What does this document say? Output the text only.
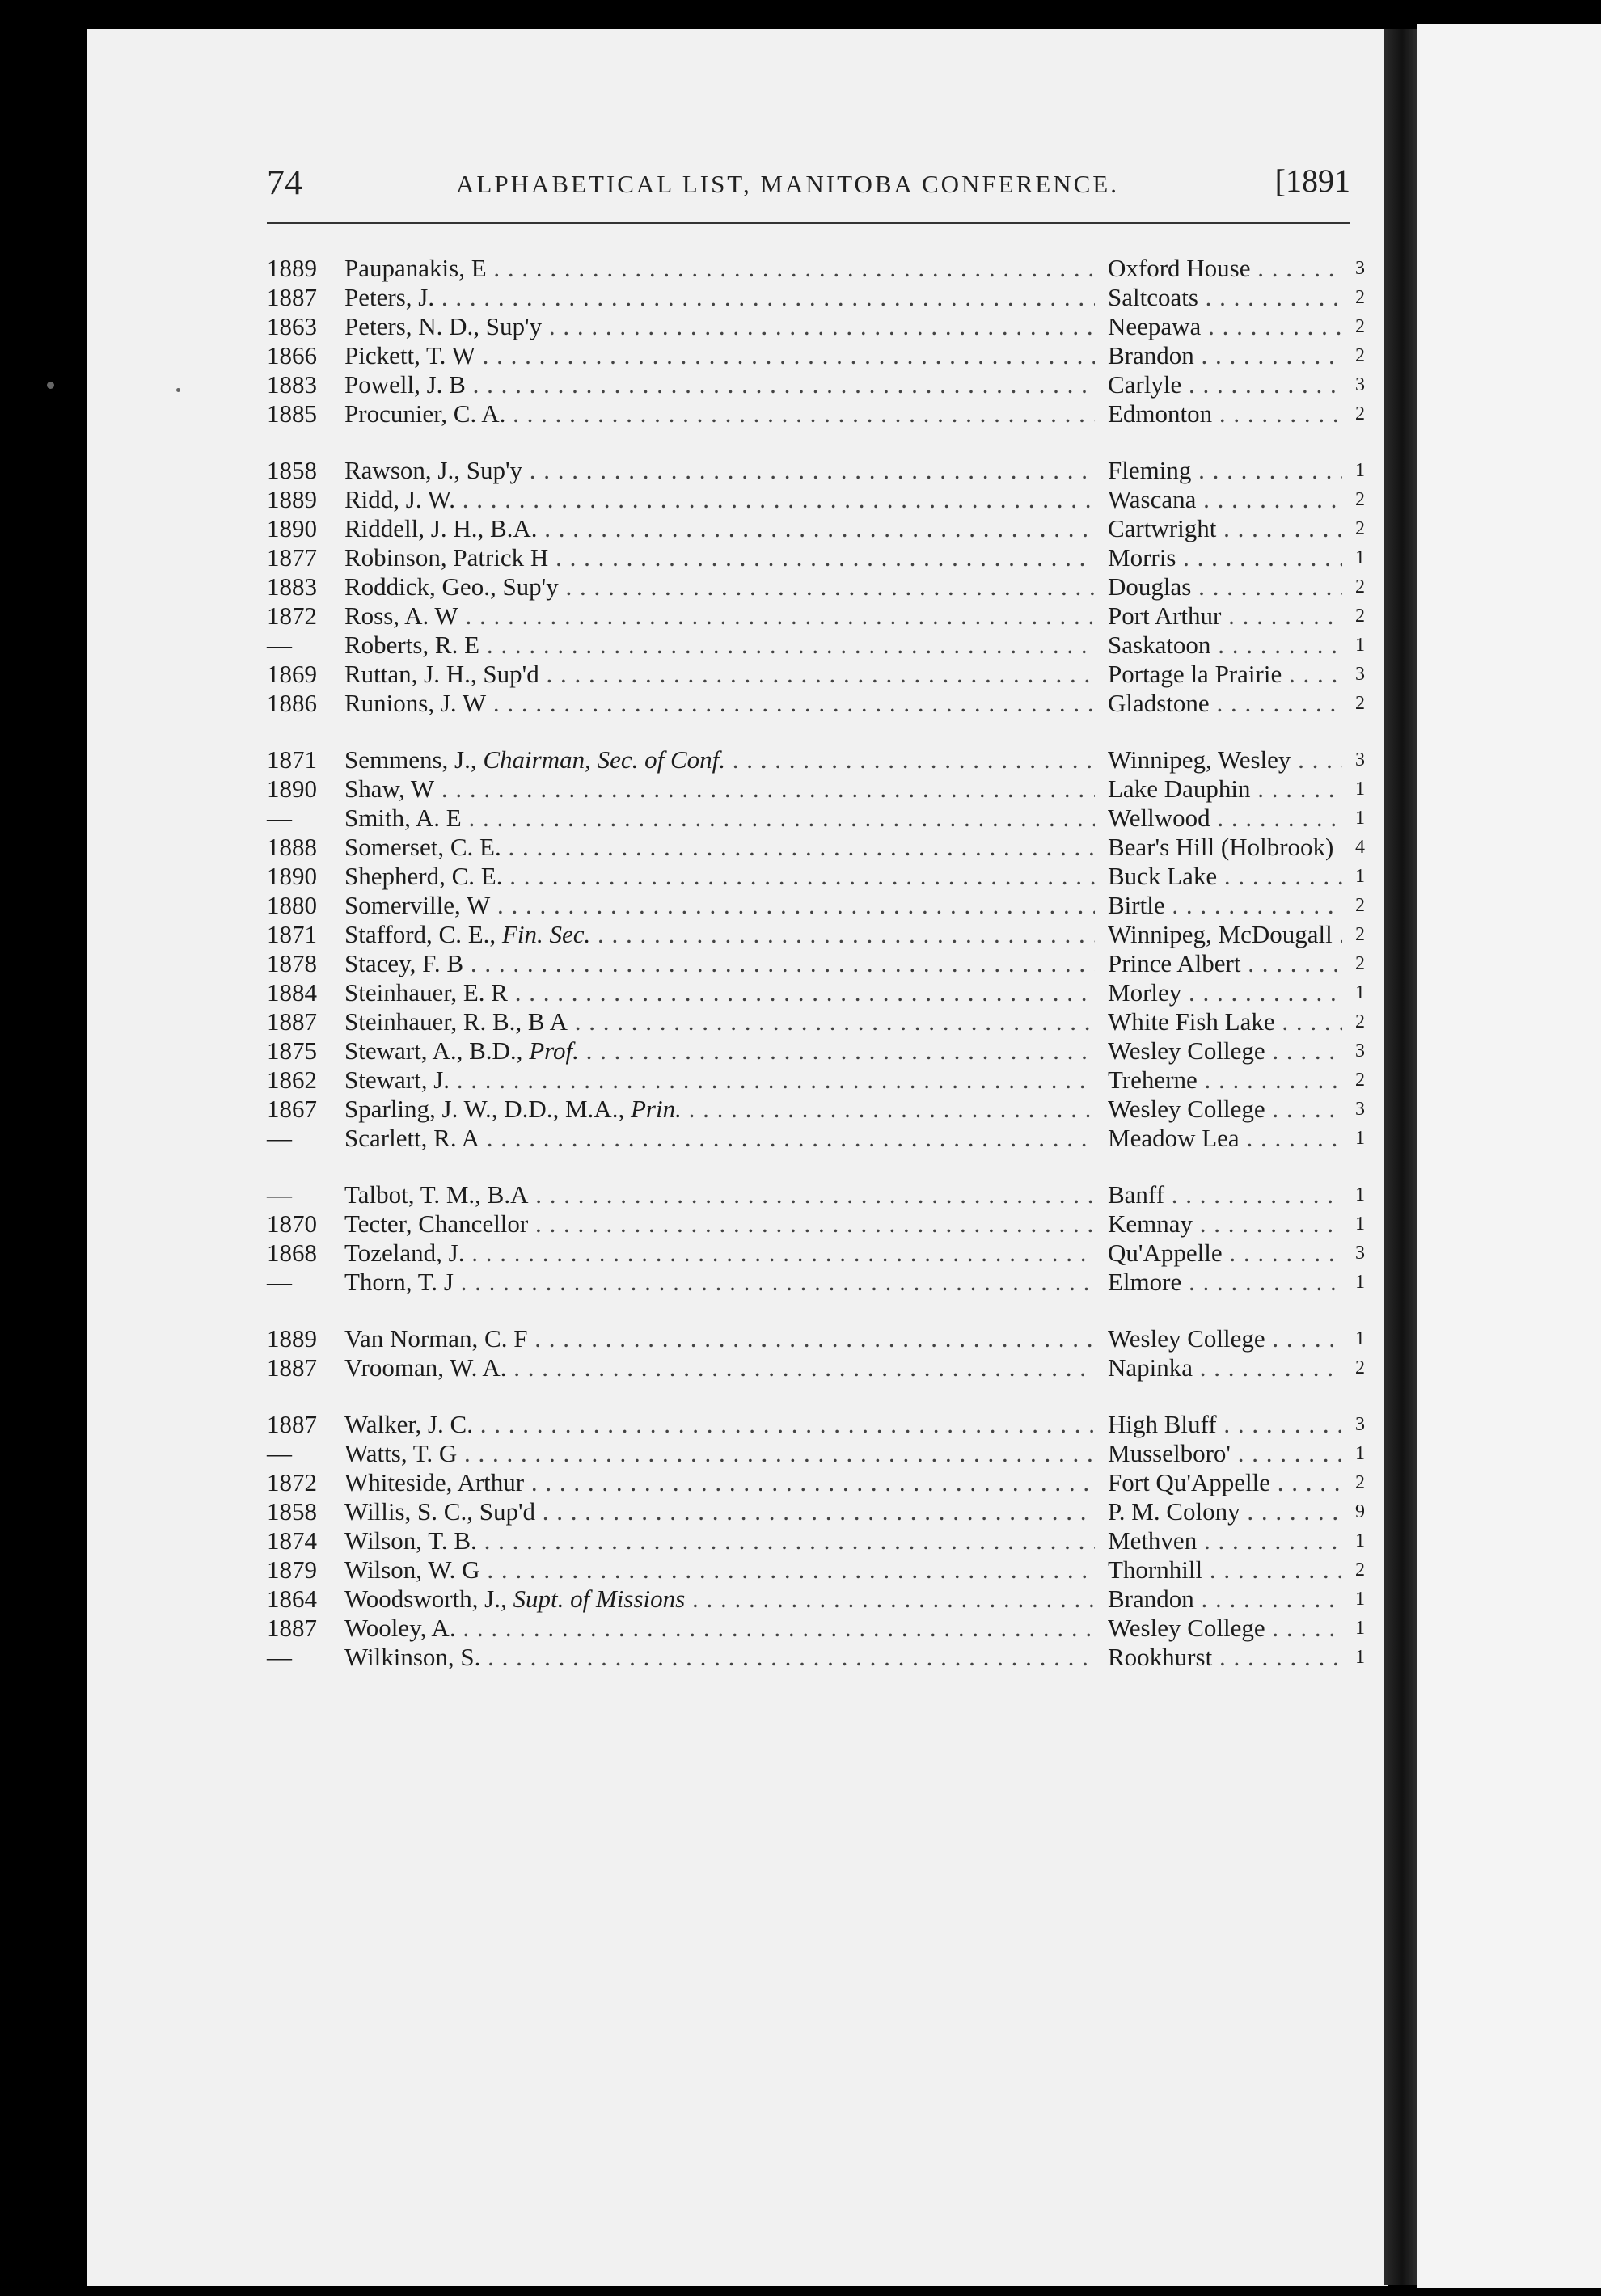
74	ALPHABETICAL LIST, MANITOBA CONFERENCE.	[1891
1889	Paupanakis, E . . .	Oxford House . . .	3
1887	Peters, J. . . .	Saltcoats . . .	2
1863	Peters, N. D., Sup'y . . .	Neepawa . . .	2
1866	Pickett, T. W . . .	Brandon . . .	2
1883	Powell, J. B . . .	Carlyle . . .	3
1885	Procunier, C. A. . . .	Edmonton . . .	2
1858	Rawson, J., Sup'y . . .	Fleming . . .	1
1889	Ridd, J. W. . . .	Wascana . . .	2
1890	Riddell, J. H., B.A. . . .	Cartwright . . .	2
1877	Robinson, Patrick H . . .	Morris . . .	1
1883	Roddick, Geo., Sup'y . . .	Douglas . . .	2
1872	Ross, A. W . . .	Port Arthur . . .	2
—	Roberts, R. E . . .	Saskatoon . . .	1
1869	Ruttan, J. H., Sup'd . . .	Portage la Prairie . . .	3
1886	Runions, J. W . . .	Gladstone . . .	2
1871	Semmens, J., Chairman, Sec. of Conf. . . .	Winnipeg, Wesley . . .	3
1890	Shaw, W . . .	Lake Dauphin . . .	1
—	Smith, A. E . . .	Wellwood . . .	1
1888	Somerset, C. E. . . .	Bear's Hill (Holbrook) . . .	4
1890	Shepherd, C. E. . . .	Buck Lake . . .	1
1880	Somerville, W . . .	Birtle . . .	2
1871	Stafford, C. E., Fin. Sec. . . .	Winnipeg, McDougall . . .	2
1878	Stacey, F. B . . .	Prince Albert . . .	2
1884	Steinhauer, E. R . . .	Morley . . .	1
1887	Steinhauer, R. B., B A . . .	White Fish Lake . . .	2
1875	Stewart, A., B.D., Prof. . . .	Wesley College . . .	3
1862	Stewart, J. . . .	Treherne . . .	2
1867	Sparling, J. W., D.D., M.A., Prin. . . .	Wesley College . . .	3
—	Scarlett, R. A . . .	Meadow Lea . . .	1
—	Talbot, T. M., B.A . . .	Banff . . .	1
1870	Tecter, Chancellor . . .	Kemnay . . .	1
1868	Tozeland, J. . . .	Qu'Appelle . . .	3
—	Thorn, T. J . . .	Elmore . . .	1
1889	Van Norman, C. F . . .	Wesley College . . .	1
1887	Vrooman, W. A. . . .	Napinka . . .	2
1887	Walker, J. C. . . .	High Bluff . . .	3
—	Watts, T. G . . .	Musselboro' . . .	1
1872	Whiteside, Arthur . . .	Fort Qu'Appelle . . .	2
1858	Willis, S. C., Sup'd . . .	P. M. Colony . . .	9
1874	Wilson, T. B. . . .	Methven . . .	1
1879	Wilson, W. G . . .	Thornhill . . .	2
1864	Woodsworth, J., Supt. of Missions . . .	Brandon . . .	1
1887	Wooley, A. . . .	Wesley College . . .	1
—	Wilkinson, S. . . .	Rookhurst . . .	1
